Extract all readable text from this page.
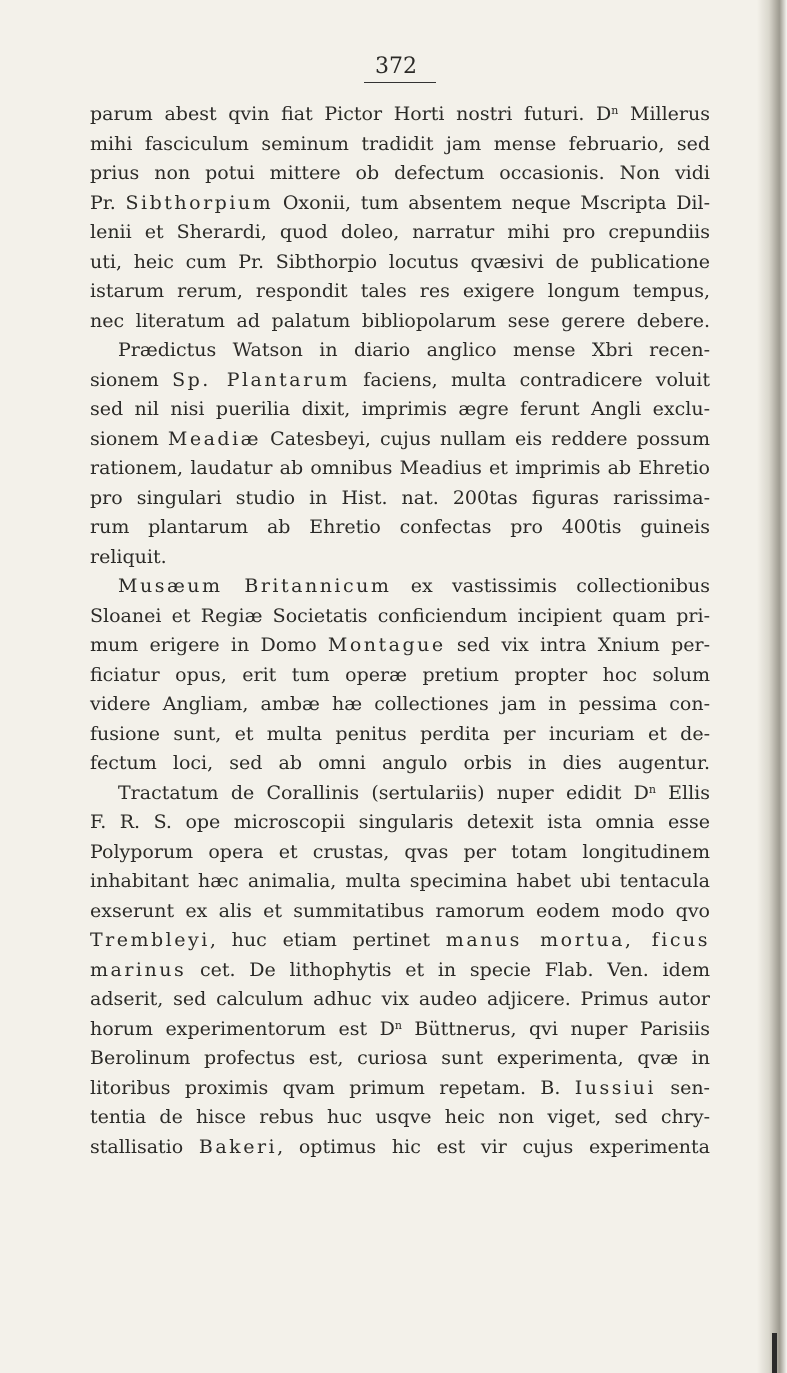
372
parum abest qvin fiat Pictor Horti nostri futuri. $D^n$ Millerus
mihi fasciculum seminum tradidit jam mense februario, sed
prius non potui mittere ob defectum occasionis. Non vidi
Pr. Sibthorpium Oxonii, tum absentem neque Mscripta Dil-
lenii et Sherardi, quod doleo, narratur mihi pro crepundiis
uti, heic cum Pr. Sibthorpio locutus qvæsivi de publicatione
istarum rerum, respondit tales res exigere longum tempus,
nec literatum ad palatum bibliopolarum sese gerere debere.
Prædictus Watson in diario anglico mense Xbri recen-
sionem Sp. Plantarum faciens, multa contradicere voluit
sed nil nisi puerilia dixit, imprimis ægre ferunt Angli exclu-
sionem Meadiæ Catesbeyi, cujus nullam eis reddere possum
rationem, laudatur ab omnibus Meadius et imprimis ab Ehretio
pro singulari studio in Hist. nat. 200tas figuras rarissima-
rum plantarum ab Ehretio confectas pro 400tis guineis
reliquit.
Musæum Britannicum ex vastissimis collectionibus
Sloanei et Regiæ Societatis conficiendum incipient quam pri-
mum erigere in Domo Montague sed vix intra Xnium per-
ficiatur opus, erit tum operæ pretium propter hoc solum
videre Angliam, ambæ hæ collectiones jam in pessima con-
fusione sunt, et multa penitus perdita per incuriam et de-
fectum loci, sed ab omni angulo orbis in dies augentur.
Tractatum de Corallinis (sertulariis) nuper edidit $D^n$ Ellis
F. R. S. ope microscopii singularis detexit ista omnia esse
Polyporum opera et crustas, qvas per totam longitudinem
inhabitant hæc animalia, multa specimina habet ubi tentacula
exserunt ex alis et summitatibus ramorum eodem modo qvo
Trembleyi, huc etiam pertinet manus mortua, ficus
marinus cet. De lithophytis et in specie Flab. Ven. idem
adserit, sed calculum adhuc vix audeo adjicere. Primus autor
horum experimentorum est $D^n$ Büttnerus, qvi nuper Parisiis
Berolinum profectus est, curiosa sunt experimenta, qvæ in
litoribus proximis qvam primum repetam. B. Iussiui sen-
tentia de hisce rebus huc usqve heic non viget, sed chry-
stallisatio Bakeri, optimus hic est vir cujus experimenta
